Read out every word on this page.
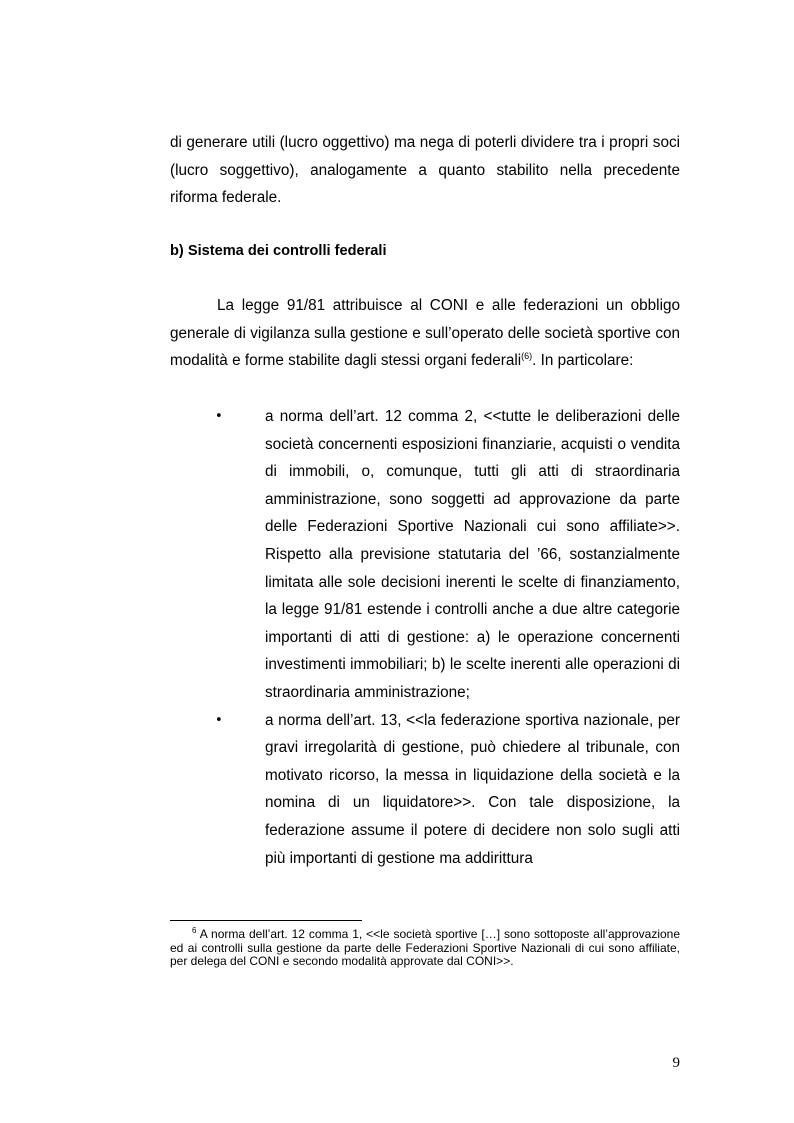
di generare utili (lucro oggettivo) ma nega di poterli dividere tra i propri soci (lucro soggettivo), analogamente a quanto stabilito nella precedente riforma federale.

b) Sistema dei controlli federali

La legge 91/81 attribuisce al CONI e alle federazioni un obbligo generale di vigilanza sulla gestione e sull’operato delle società sportive con modalità e forme stabilite dagli stessi organi federali$^{(6)}$. In particolare:

•	a norma dell’art. 12 comma 2, <<tutte le deliberazioni delle società concernenti esposizioni finanziarie, acquisti o vendita di immobili, o, comunque, tutti gli atti di straordinaria amministrazione, sono soggetti ad approvazione da parte delle Federazioni Sportive Nazionali cui sono affiliate>>. Rispetto alla previsione statutaria del ’66, sostanzialmente limitata alle sole decisioni inerenti le scelte di finanziamento, la legge 91/81 estende i controlli anche a due altre categorie importanti di atti di gestione: a) le operazione concernenti investimenti immobiliari; b) le scelte inerenti alle operazioni di straordinaria amministrazione;
•	a norma dell’art. 13, <<la federazione sportiva nazionale, per gravi irregolarità di gestione, può chiedere al tribunale, con motivato ricorso, la messa in liquidazione della società e la nomina di un liquidatore>>. Con tale disposizione, la federazione assume il potere di decidere non solo sugli atti più importanti di gestione ma addirittura

$^6$ A norma dell’art. 12 comma 1, <<le società sportive […] sono sottoposte all’approvazione ed ai controlli sulla gestione da parte delle Federazioni Sportive Nazionali di cui sono affiliate, per delega del CONI e secondo modalità approvate dal CONI>>.

9
